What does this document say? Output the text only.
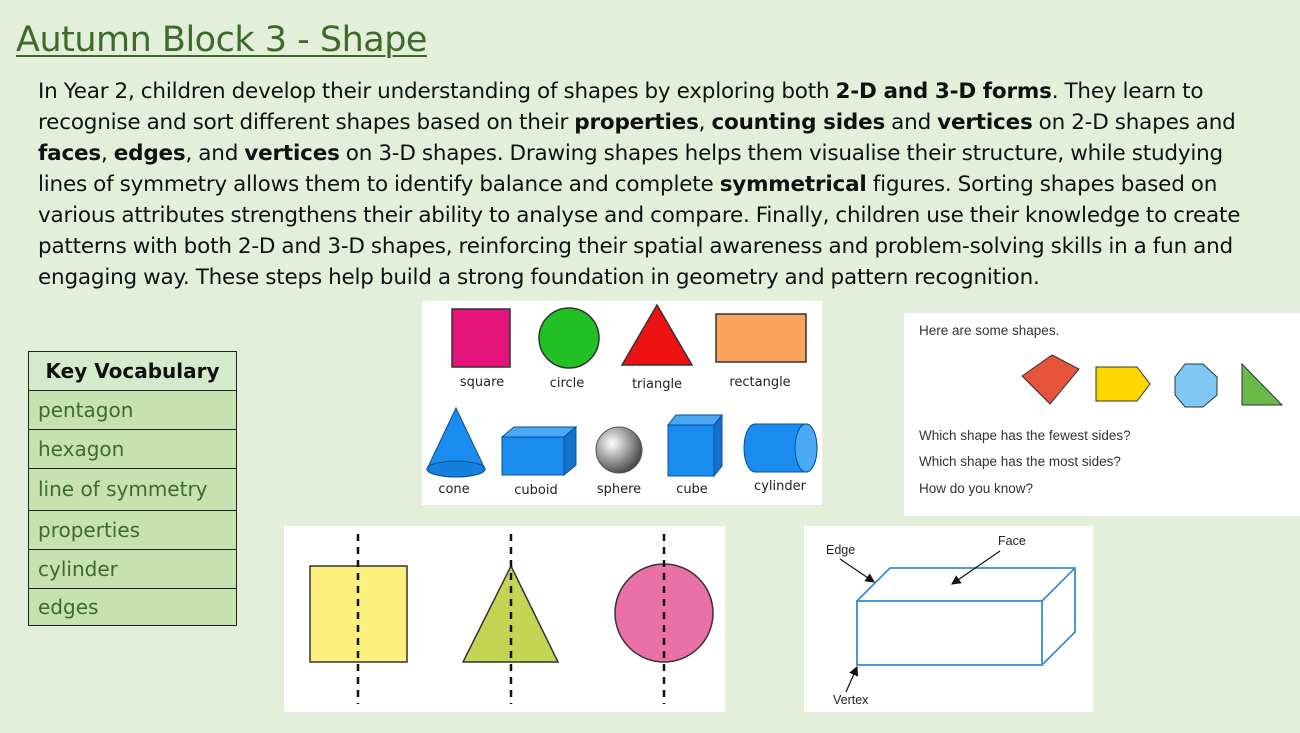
Autumn Block 3 - Shape
In Year 2, children develop their understanding of shapes by exploring both 2-D and 3-D forms. They learn to recognise and sort different shapes based on their properties, counting sides and vertices on 2-D shapes and faces, edges, and vertices on 3-D shapes. Drawing shapes helps them visualise their structure, while studying lines of symmetry allows them to identify balance and complete symmetrical figures. Sorting shapes based on various attributes strengthens their ability to analyse and compare. Finally, children use their knowledge to create patterns with both 2-D and 3-D shapes, reinforcing their spatial awareness and problem-solving skills in a fun and engaging way. These steps help build a strong foundation in geometry and pattern recognition.
Key Vocabulary
pentagon
hexagon
line of symmetry
properties
cylinder
edges
square	circle	triangle	rectangle
cone	cuboid	sphere	cube	cylinder
Here are some shapes.
Which shape has the fewest sides?
Which shape has the most sides?
How do you know?
Edge
Face
Vertex
